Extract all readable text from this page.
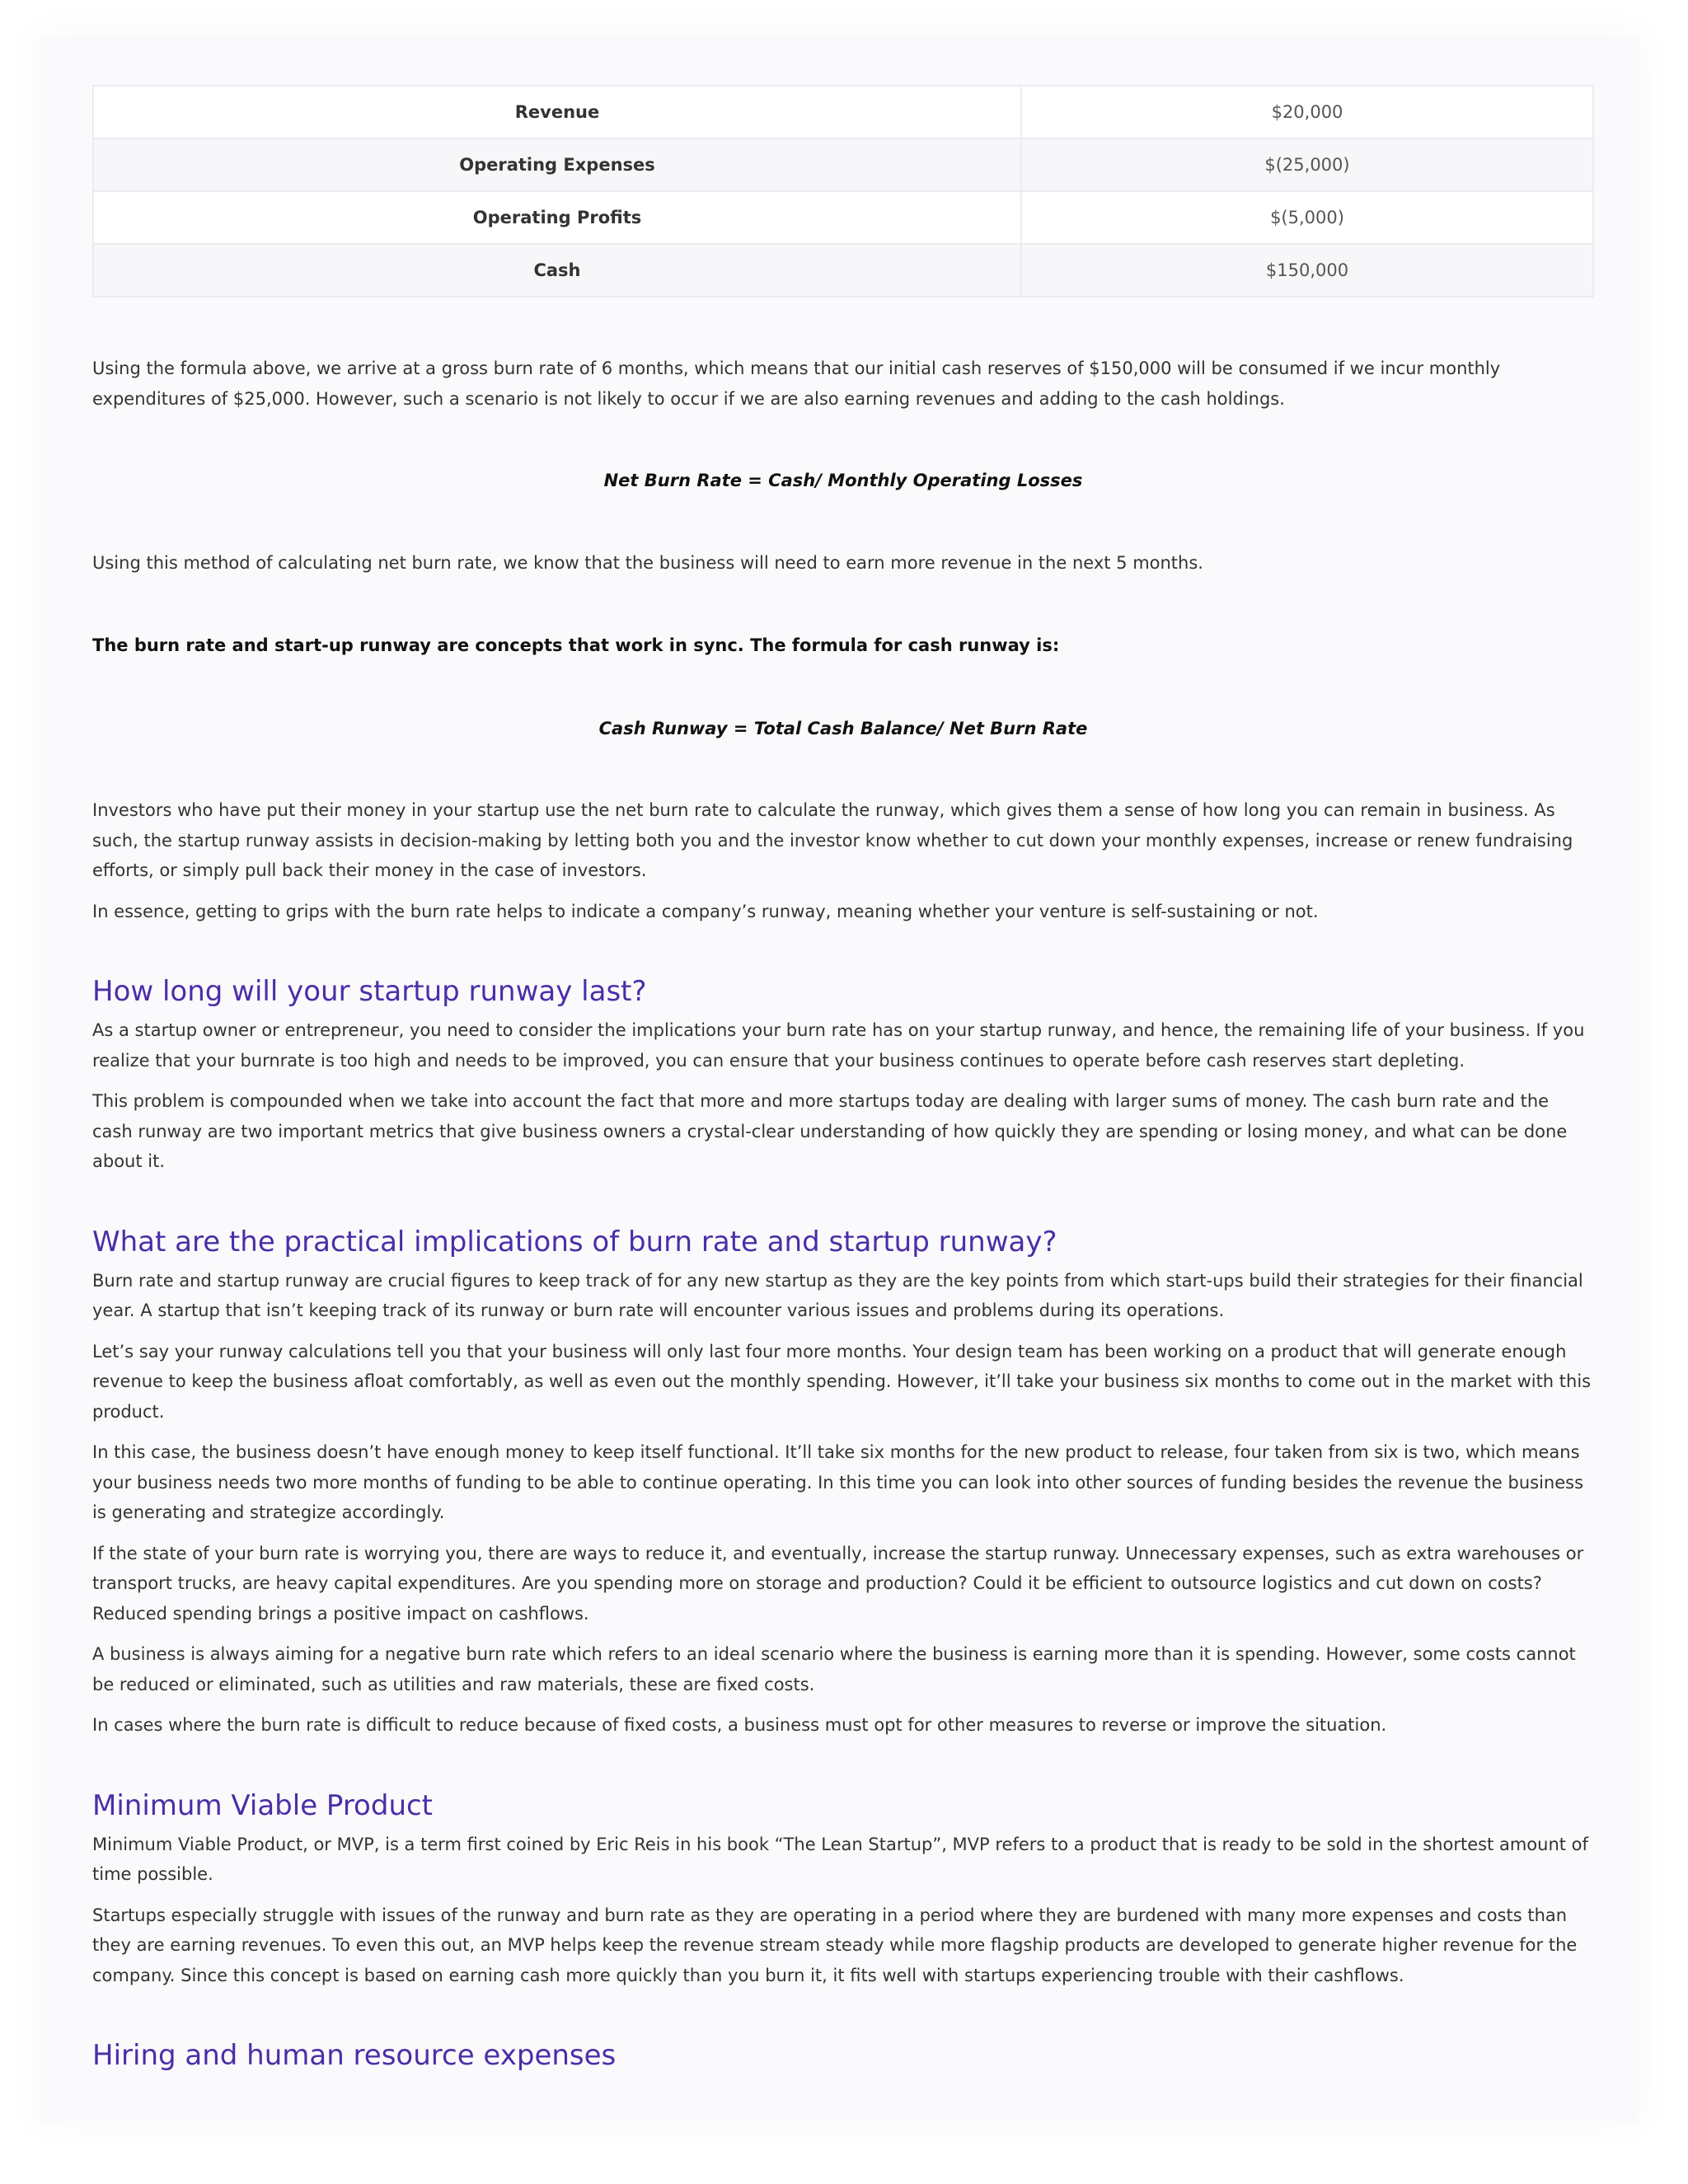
Revenue	$20,000
Operating Expenses	$(25,000)
Operating Profits	$(5,000)
Cash	$150,000

Using the formula above, we arrive at a gross burn rate of 6 months, which means that our initial cash reserves of $150,000 will be consumed if we incur monthly expenditures of $25,000. However, such a scenario is not likely to occur if we are also earning revenues and adding to the cash holdings.

Net Burn Rate = Cash/ Monthly Operating Losses

Using this method of calculating net burn rate, we know that the business will need to earn more revenue in the next 5 months.

The burn rate and start-up runway are concepts that work in sync. The formula for cash runway is:

Cash Runway = Total Cash Balance/ Net Burn Rate

Investors who have put their money in your startup use the net burn rate to calculate the runway, which gives them a sense of how long you can remain in business. As such, the startup runway assists in decision-making by letting both you and the investor know whether to cut down your monthly expenses, increase or renew fundraising efforts, or simply pull back their money in the case of investors.

In essence, getting to grips with the burn rate helps to indicate a company’s runway, meaning whether your venture is self-sustaining or not.

How long will your startup runway last?

As a startup owner or entrepreneur, you need to consider the implications your burn rate has on your startup runway, and hence, the remaining life of your business. If you realize that your burnrate is too high and needs to be improved, you can ensure that your business continues to operate before cash reserves start depleting.

This problem is compounded when we take into account the fact that more and more startups today are dealing with larger sums of money. The cash burn rate and the cash runway are two important metrics that give business owners a crystal-clear understanding of how quickly they are spending or losing money, and what can be done about it.

What are the practical implications of burn rate and startup runway?

Burn rate and startup runway are crucial figures to keep track of for any new startup as they are the key points from which start-ups build their strategies for their financial year. A startup that isn’t keeping track of its runway or burn rate will encounter various issues and problems during its operations.

Let’s say your runway calculations tell you that your business will only last four more months. Your design team has been working on a product that will generate enough revenue to keep the business afloat comfortably, as well as even out the monthly spending. However, it’ll take your business six months to come out in the market with this product.

In this case, the business doesn’t have enough money to keep itself functional. It’ll take six months for the new product to release, four taken from six is two, which means your business needs two more months of funding to be able to continue operating. In this time you can look into other sources of funding besides the revenue the business is generating and strategize accordingly.

If the state of your burn rate is worrying you, there are ways to reduce it, and eventually, increase the startup runway. Unnecessary expenses, such as extra warehouses or transport trucks, are heavy capital expenditures. Are you spending more on storage and production? Could it be efficient to outsource logistics and cut down on costs? Reduced spending brings a positive impact on cashflows.

A business is always aiming for a negative burn rate which refers to an ideal scenario where the business is earning more than it is spending. However, some costs cannot be reduced or eliminated, such as utilities and raw materials, these are fixed costs.

In cases where the burn rate is difficult to reduce because of fixed costs, a business must opt for other measures to reverse or improve the situation.

Minimum Viable Product

Minimum Viable Product, or MVP, is a term first coined by Eric Reis in his book “The Lean Startup”, MVP refers to a product that is ready to be sold in the shortest amount of time possible.

Startups especially struggle with issues of the runway and burn rate as they are operating in a period where they are burdened with many more expenses and costs than they are earning revenues. To even this out, an MVP helps keep the revenue stream steady while more flagship products are developed to generate higher revenue for the company. Since this concept is based on earning cash more quickly than you burn it, it fits well with startups experiencing trouble with their cashflows.

Hiring and human resource expenses
